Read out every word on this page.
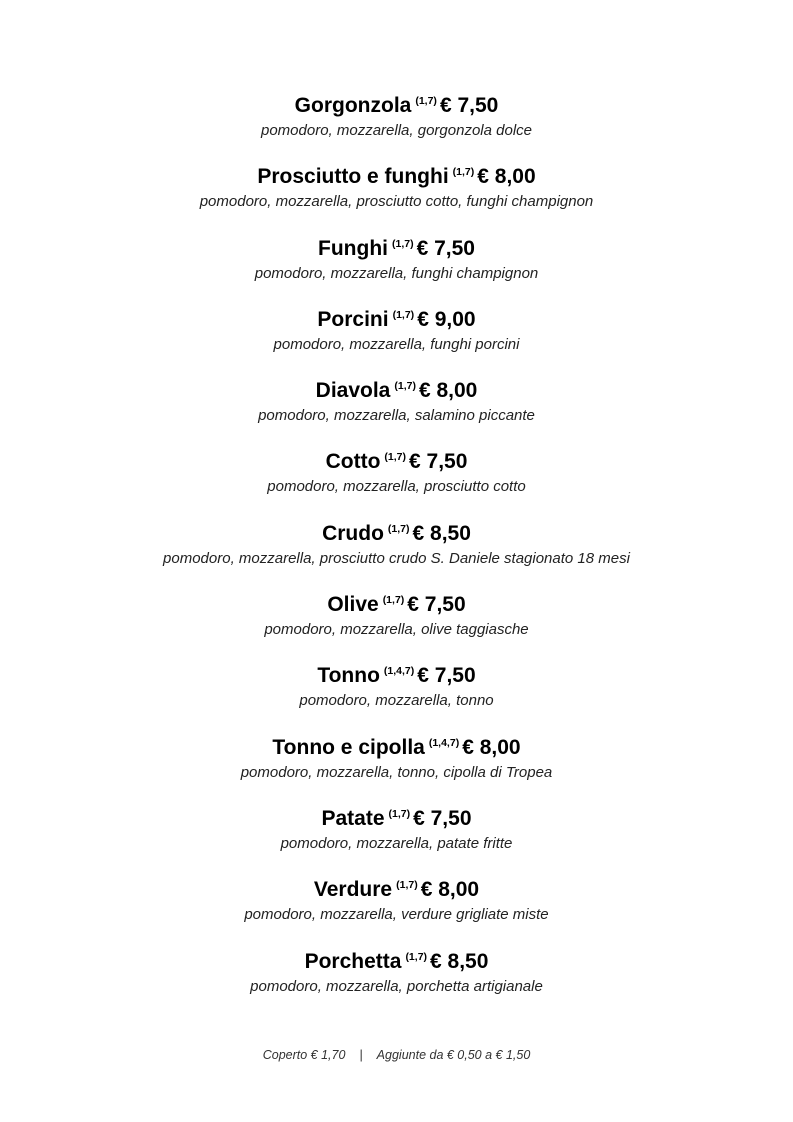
Gorgonzola $^{(1,7)}$ € 7,50
pomodoro, mozzarella, gorgonzola dolce
Prosciutto e funghi $^{(1,7)}$ € 8,00
pomodoro, mozzarella, prosciutto cotto, funghi champignon
Funghi $^{(1,7)}$ € 7,50
pomodoro, mozzarella, funghi champignon
Porcini $^{(1,7)}$ € 9,00
pomodoro, mozzarella, funghi porcini
Diavola $^{(1,7)}$ € 8,00
pomodoro, mozzarella, salamino piccante
Cotto $^{(1,7)}$ € 7,50
pomodoro, mozzarella, prosciutto cotto
Crudo $^{(1,7)}$ € 8,50
pomodoro, mozzarella, prosciutto crudo S. Daniele stagionato 18 mesi
Olive $^{(1,7)}$ € 7,50
pomodoro, mozzarella, olive taggiasche
Tonno $^{(1,4,7)}$ € 7,50
pomodoro, mozzarella, tonno
Tonno e cipolla $^{(1,4,7)}$ € 8,00
pomodoro, mozzarella, tonno, cipolla di Tropea
Patate $^{(1,7)}$ € 7,50
pomodoro, mozzarella, patate fritte
Verdure $^{(1,7)}$ € 8,00
pomodoro, mozzarella, verdure grigliate miste
Porchetta $^{(1,7)}$ € 8,50
pomodoro, mozzarella, porchetta artigianale
Coperto € 1,70 | Aggiunte da € 0,50 a € 1,50
